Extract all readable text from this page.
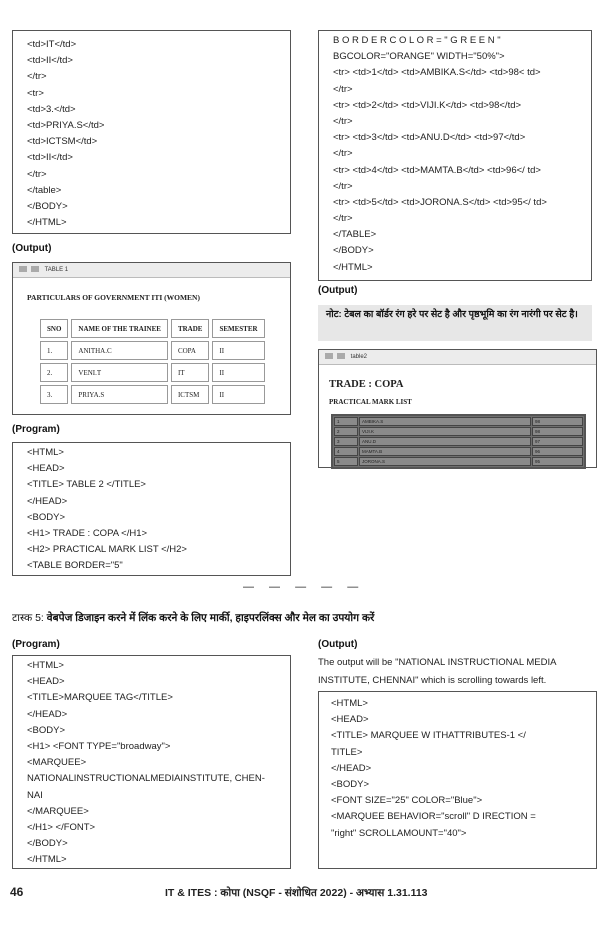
<td>IT</td>
<td>II</td>
</tr>
<tr>
<td>3.</td>
<td>PRIYA.S</td>
<td>ICTSM</td>
<td>II</td>
</tr>
</table>
</BODY>
</HTML>
(Output)
TABLE 1
PARTICULARS OF GOVERNMENT ITI (WOMEN)
SNO	NAME OF THE TRAINEE	TRADE	SEMESTER
1.	ANITHA.C	COPA	II
2.	VENI.T	IT	II
3.	PRIYA.S	ICTSM	II
(Program)
<HTML>
<HEAD>
<TITLE> TABLE 2 </TITLE>
</HEAD>
<BODY>
<H1> TRADE : COPA </H1>
<H2> PRACTICAL MARK LIST </H2>
<TABLE BORDER="5"
B O R D E R C O L O R = " G R E E N "
BGCOLOR="ORANGE" WIDTH="50%">
<tr> <td>1</td> <td>AMBIKA.S</td> <td>98< td>
</tr>
<tr> <td>2</td> <td>VIJI.K</td> <td>98</td>
</tr>
<tr> <td>3</td> <td>ANU.D</td> <td>97</td>
</tr>
<tr> <td>4</td> <td>MAMTA.B</td> <td>96</ td>
</tr>
<tr> <td>5</td> <td>JORONA.S</td> <td>95</ td>
</tr>
</TABLE>
</BODY>
</HTML>
(Output)
नोट: टेबल का बॉर्डर रंग हरे पर सेट है और पृष्ठभूमि का रंग नारंगी पर सेट है।
table2
TRADE : COPA
PRACTICAL MARK LIST
1	AMBIKA.S	98
2	VIJI.K	98
3	ANU.D	97
4	MAMTA.B	96
5	JORONA.S	95
— — — — —
टास्क 5: वेबपेज डिजाइन करने में लिंक करने के लिए मार्की, हाइपरलिंक्स और मेल का उपयोग करें
(Program)
<HTML>
<HEAD>
<TITLE>MARQUEE TAG</TITLE>
</HEAD>
<BODY>
<H1> <FONT TYPE="broadway">
<MARQUEE>
NATIONALINSTRUCTIONALMEDIAINSTITUTE, CHEN-
NAI
</MARQUEE>
</H1> </FONT>
</BODY>
</HTML>
(Output)
The output will be "NATIONAL INSTRUCTIONAL MEDIA
INSTITUTE, CHENNAI" which is scrolling towards left.
<HTML>
<HEAD>
<TITLE> MARQUEE W ITHATTRIBUTES-1 </
TITLE>
</HEAD>
<BODY>
<FONT SIZE="25" COLOR="Blue">
<MARQUEE BEHAVIOR="scroll" D IRECTION =
"right" SCROLLAMOUNT="40">
46	IT & ITES : कोपा (NSQF - संशोधित 2022) - अभ्यास 1.31.113
